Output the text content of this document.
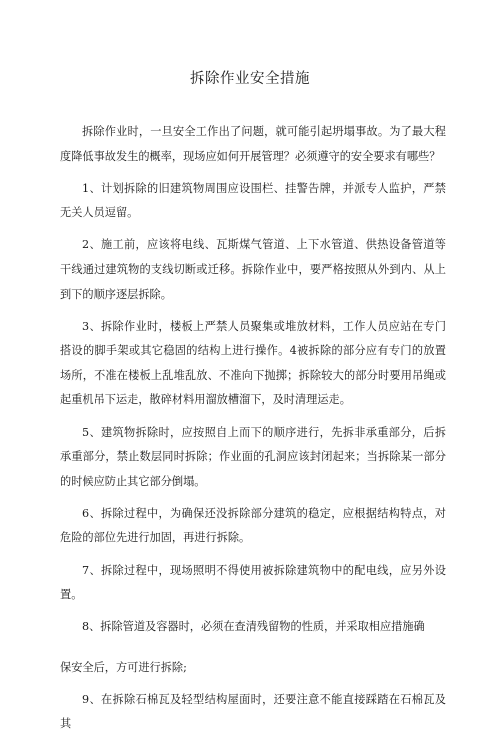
拆除作业安全措施

拆除作业时，一旦安全工作出了问题，就可能引起坍塌事故。为了最大程度降低事故发生的概率，现场应如何开展管理？必须遵守的安全要求有哪些？

1、计划拆除的旧建筑物周围应设围栏、挂警告牌，并派专人监护，严禁无关人员逗留。

2、施工前，应该将电线、瓦斯煤气管道、上下水管道、供热设备管道等干线通过建筑物的支线切断或迁移。拆除作业中，要严格按照从外到内、从上到下的顺序逐层拆除。

3、拆除作业时，楼板上严禁人员聚集或堆放材料，工作人员应站在专门搭设的脚手架或其它稳固的结构上进行操作。4被拆除的部分应有专门的放置场所，不准在楼板上乱堆乱放、不准向下抛掷；拆除较大的部分时要用吊绳或起重机吊下运走，散碎材料用溜放槽溜下，及时清理运走。

5、建筑物拆除时，应按照自上而下的顺序进行，先拆非承重部分，后拆承重部分，禁止数层同时拆除；作业面的孔洞应该封闭起来；当拆除某一部分的时候应防止其它部分倒塌。

6、拆除过程中，为确保还没拆除部分建筑的稳定，应根据结构特点，对危险的部位先进行加固，再进行拆除。

7、拆除过程中，现场照明不得使用被拆除建筑物中的配电线，应另外设置。

8、拆除管道及容器时，必须在查清残留物的性质，并采取相应措施确

保安全后，方可进行拆除;

9、在拆除石棉瓦及轻型结构屋面时，还要注意不能直接踩踏在石棉瓦及其
